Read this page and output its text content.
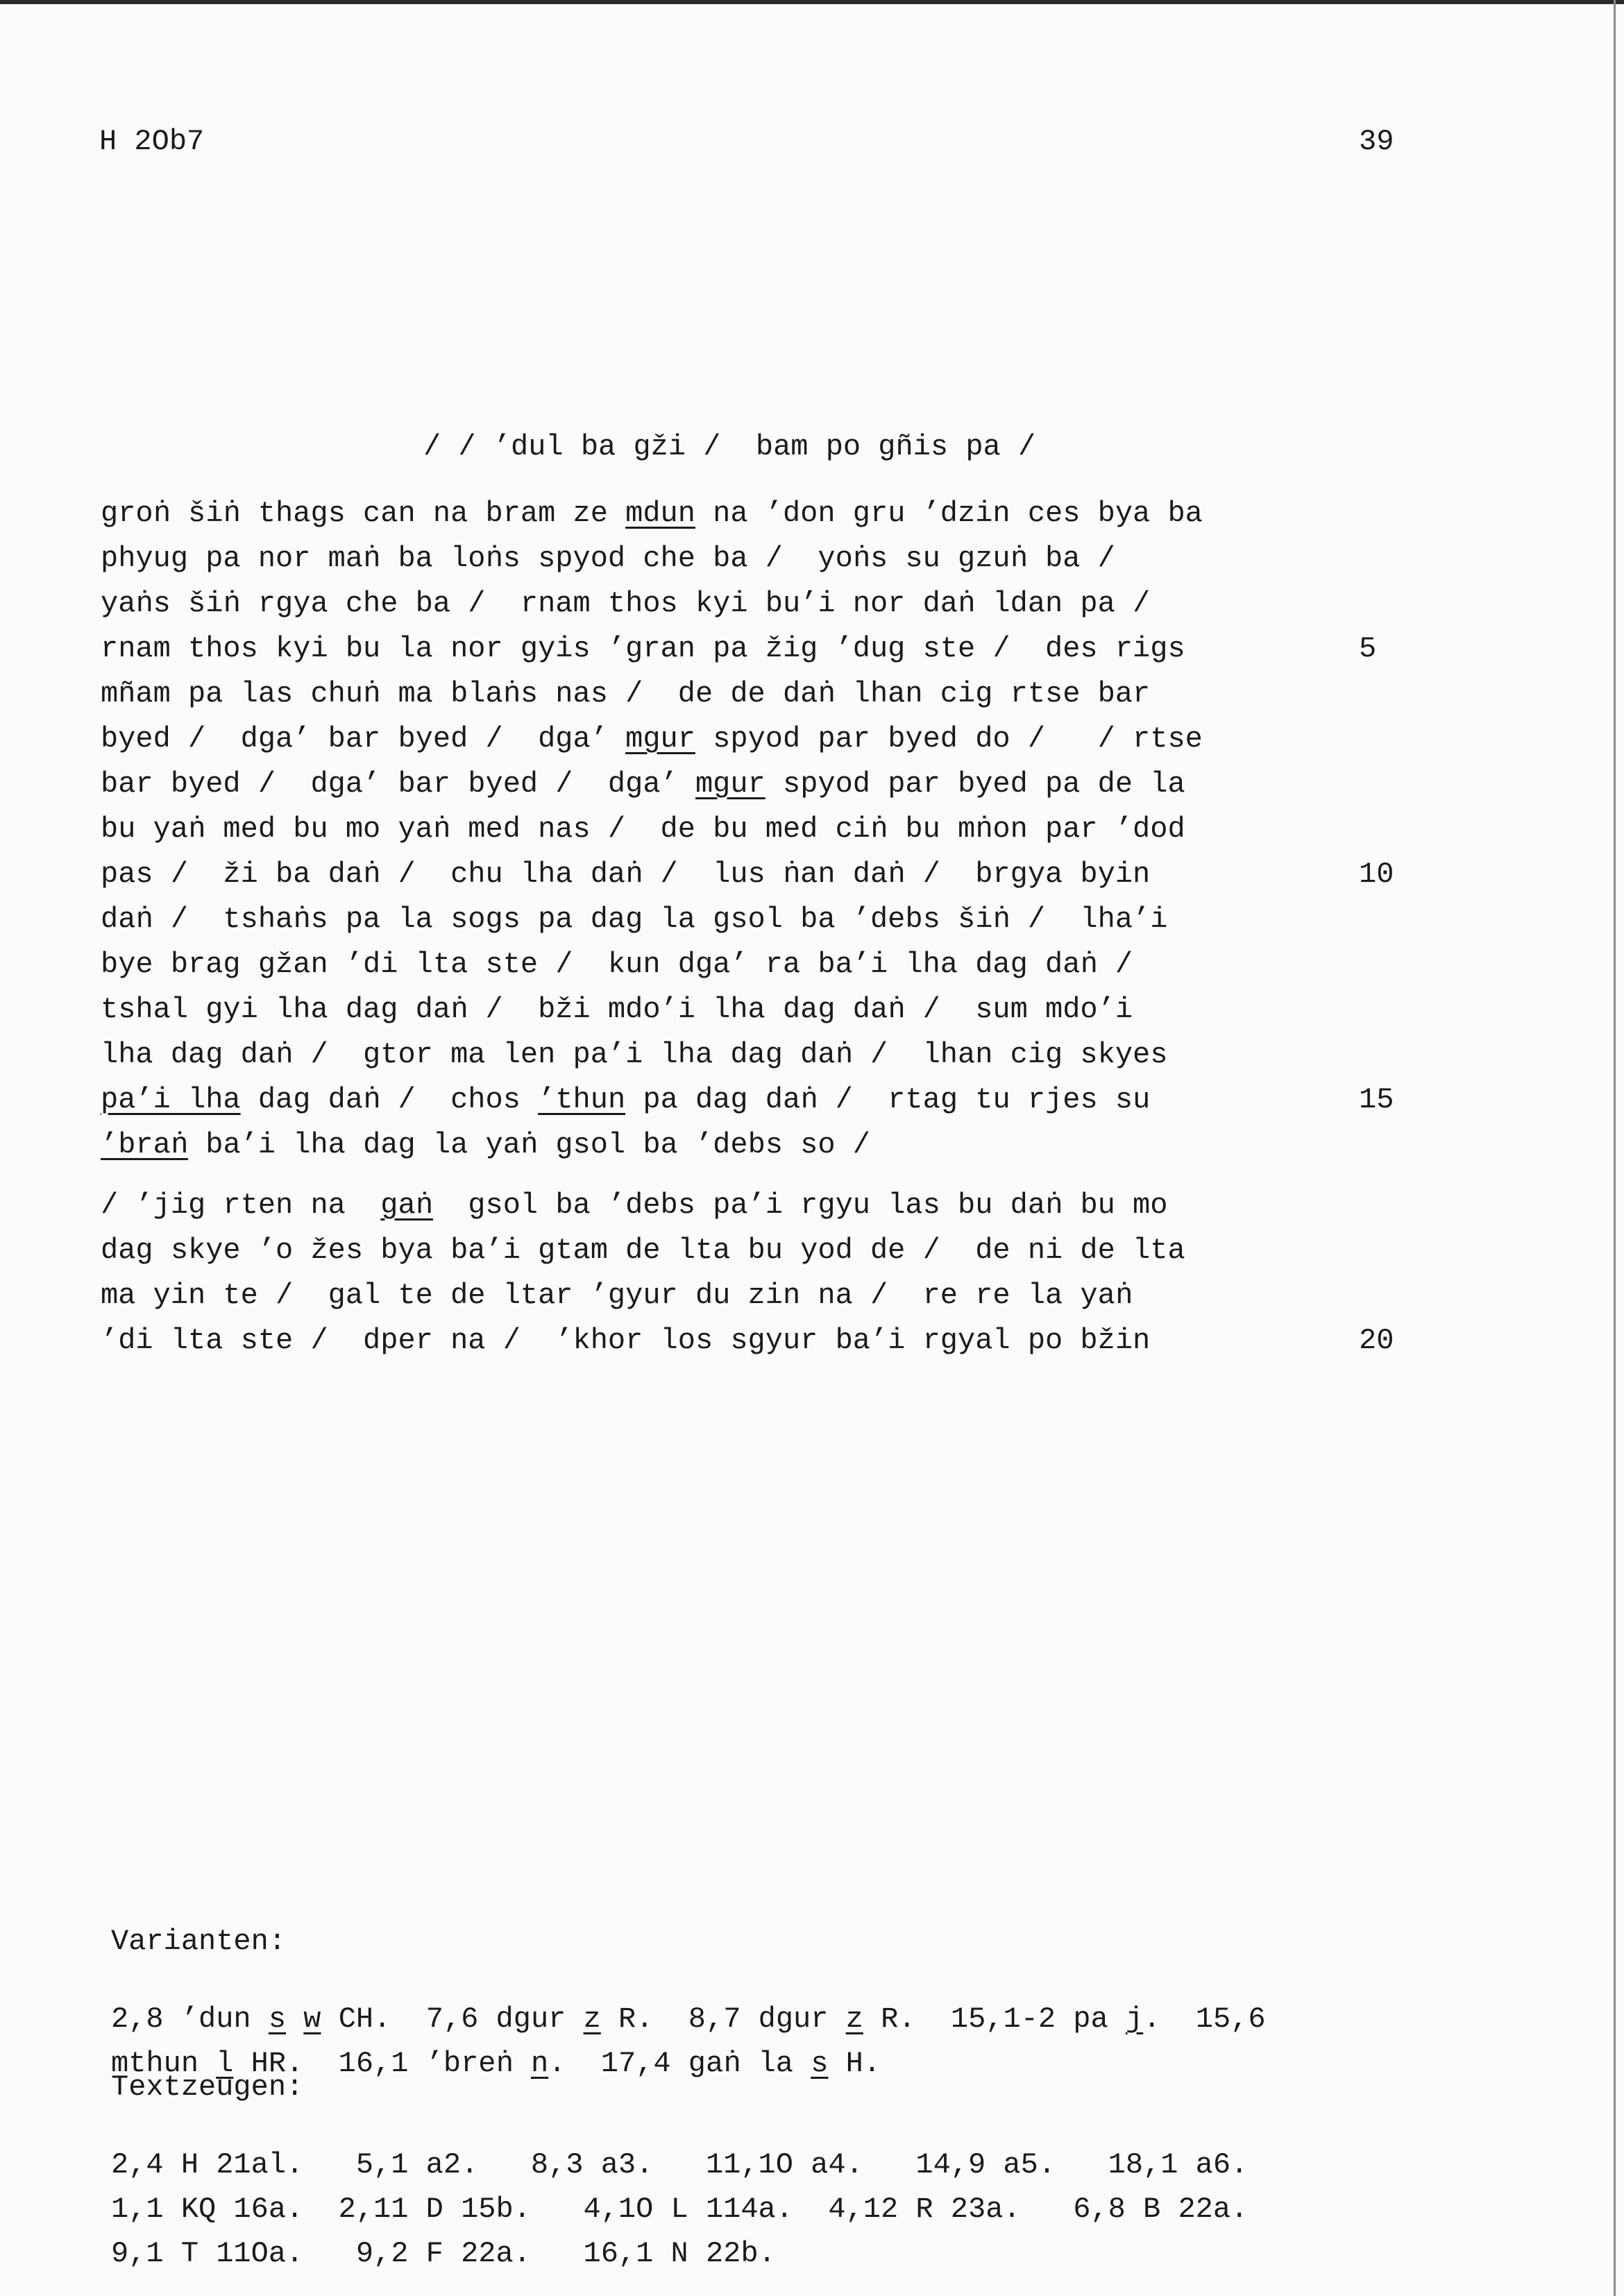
H 2Ob7	39
/ / ’dul ba gži /  bam po gñis pa /
groṅ šiṅ thags can na bram ze mdun na ’don gru ’dzin ces bya ba
phyug pa nor maṅ ba loṅs spyod che ba /  yoṅs su gzuṅ ba /
yaṅs šiṅ rgya che ba /  rnam thos kyi bu’i nor daṅ ldan pa /
rnam thos kyi bu la nor gyis ’gran pa žig ’dug ste /  des rigs	5
mñam pa las chuṅ ma blaṅs nas /  de de daṅ lhan cig rtse bar
byed /  dga’ bar byed /  dga’ mgur spyod par byed do /   / rtse
bar byed /  dga’ bar byed /  dga’ mgur spyod par byed pa de la
bu yaṅ med bu mo yaṅ med nas /  de bu med ciṅ bu mṅon par ’dod
pas /  ži ba daṅ /  chu lha daṅ /  lus ṅan daṅ /  brgya byin	10
daṅ /  tshaṅs pa la sogs pa dag la gsol ba ’debs šiṅ /  lha’i
bye brag gžan ’di lta ste /  kun dga’ ra ba’i lha dag daṅ /
tshal gyi lha dag daṅ /  bži mdo’i lha dag daṅ /  sum mdo’i
lha dag daṅ /  gtor ma len pa’i lha dag daṅ /  lhan cig skyes
pa’i lha dag daṅ /  chos ’thun pa dag daṅ /  rtag tu rjes su	15
’braṅ ba’i lha dag la yaṅ gsol ba ’debs so /
/ ’jig rten na  gaṅ  gsol ba ’debs pa’i rgyu las bu daṅ bu mo
dag skye ’o žes bya ba’i gtam de lta bu yod de /  de ni de lta
ma yin te /  gal te de ltar ’gyur du zin na /  re re la yaṅ
’di lta ste /  dper na /  ’khor los sgyur ba’i rgyal po bžin	20

Varianten:

2,8 ’dun s w CH.  7,6 dgur z R.  8,7 dgur z R.  15,1-2 pa j.  15,6
mthun l HR.  16,1 ’breṅ n.  17,4 gaṅ la s H.

Textzeugen:

2,4 H 21al.   5,1 a2.   8,3 a3.   11,1O a4.   14,9 a5.   18,1 a6.
1,1 KQ 16a.  2,11 D 15b.   4,1O L 114a.  4,12 R 23a.   6,8 B 22a.
9,1 T 11Oa.   9,2 F 22a.   16,1 N 22b.
